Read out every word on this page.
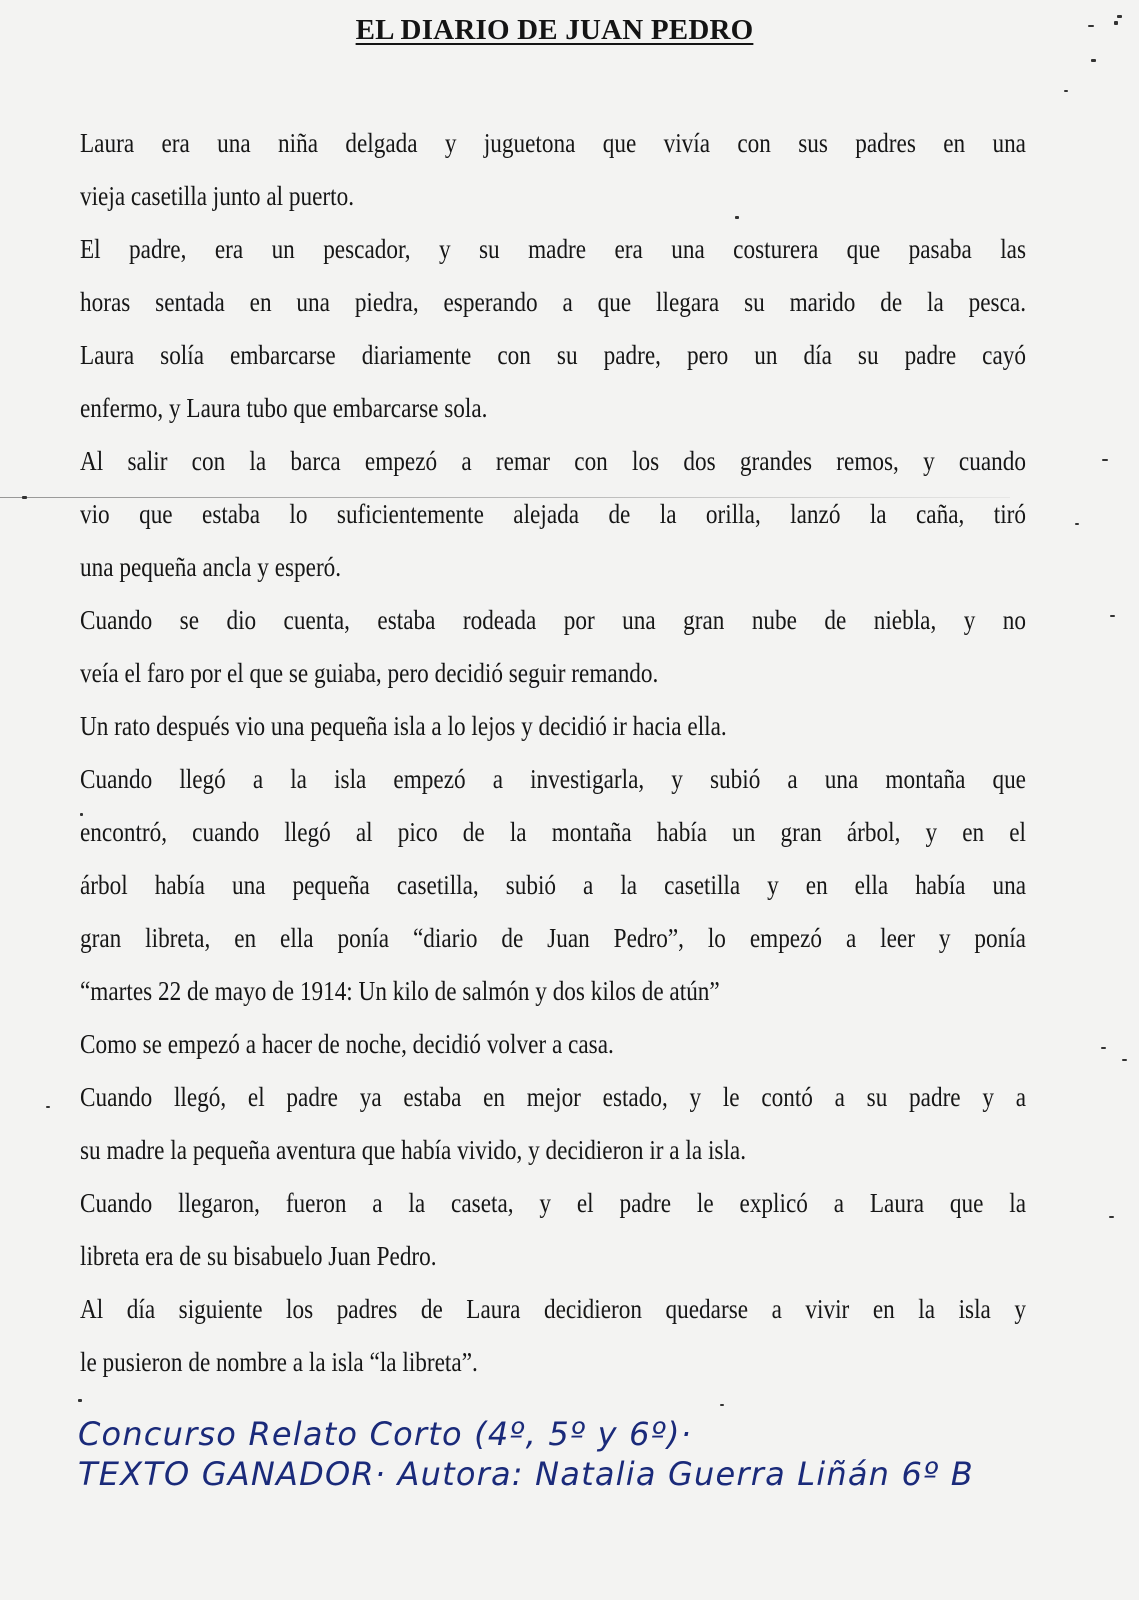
EL DIARIO DE JUAN PEDRO
Laura era una niña delgada y juguetona que vivía con sus padres en una
vieja casetilla junto al puerto.
El padre, era un pescador, y su madre era una costurera que pasaba las
horas sentada en una piedra, esperando a que llegara su marido de la pesca.
Laura solía embarcarse diariamente con su padre, pero un día su padre cayó
enfermo, y Laura tubo que embarcarse sola.
Al salir con la barca empezó a remar con los dos grandes remos, y cuando
vio que estaba lo suficientemente alejada de la orilla, lanzó la caña, tiró
una pequeña ancla y esperó.
Cuando se dio cuenta, estaba rodeada por una gran nube de niebla, y no
veía el faro por el que se guiaba, pero decidió seguir remando.
Un rato después vio una pequeña isla a lo lejos y decidió ir hacia ella.
Cuando llegó a la isla empezó a investigarla, y subió a una montaña que
encontró, cuando llegó al pico de la montaña había un gran árbol, y en el
árbol había una pequeña casetilla, subió a la casetilla y en ella había una
gran libreta, en ella ponía “diario de Juan Pedro”, lo empezó a leer y ponía
“martes 22 de mayo de 1914: Un kilo de salmón y dos kilos de atún”
Como se empezó a hacer de noche, decidió volver a casa.
Cuando llegó, el padre ya estaba en mejor estado, y le contó a su padre y a
su madre la pequeña aventura que había vivido, y decidieron ir a la isla.
Cuando llegaron, fueron a la caseta, y el padre le explicó a Laura que la
libreta era de su bisabuelo Juan Pedro.
Al día siguiente los padres de Laura decidieron quedarse a vivir en la isla y
le pusieron de nombre a la isla “la libreta”.
Concurso Relato Corto (4º, 5º y 6º)·
TEXTO GANADOR· Autora: Natalia Guerra Liñán 6º B
